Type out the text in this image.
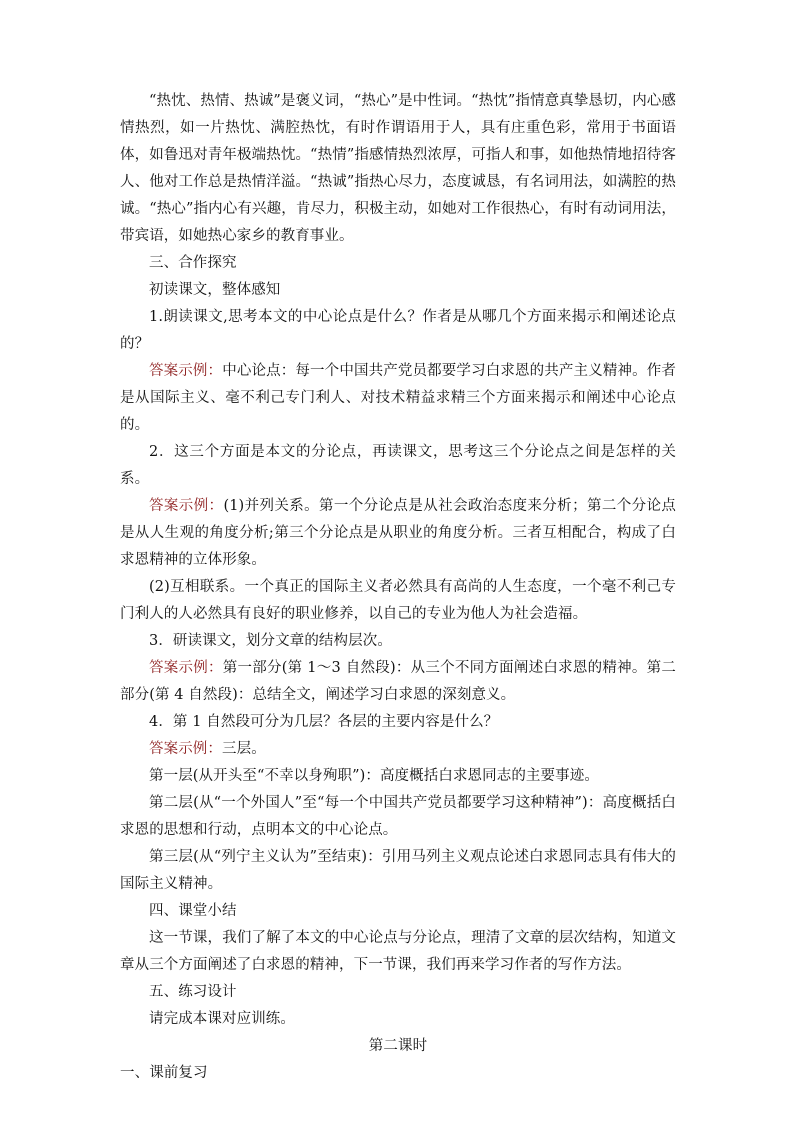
“热忱、热情、热诚”是褒义词，“热心”是中性词。“热忱”指情意真挚恳切，内心感情热烈，如一片热忱、满腔热忱，有时作谓语用于人，具有庄重色彩，常用于书面语体，如鲁迅对青年极端热忱。“热情”指感情热烈浓厚，可指人和事，如他热情地招待客人、他对工作总是热情洋溢。“热诚”指热心尽力，态度诚恳，有名词用法，如满腔的热诚。“热心”指内心有兴趣，肯尽力，积极主动，如她对工作很热心，有时有动词用法，带宾语，如她热心家乡的教育事业。

三、合作探究

初读课文，整体感知

1.朗读课文,思考本文的中心论点是什么？作者是从哪几个方面来揭示和阐述论点的？

答案示例：中心论点：每一个中国共产党员都要学习白求恩的共产主义精神。作者是从国际主义、毫不利己专门利人、对技术精益求精三个方面来揭示和阐述中心论点的。

2．这三个方面是本文的分论点，再读课文，思考这三个分论点之间是怎样的关系。

答案示例：(1)并列关系。第一个分论点是从社会政治态度来分析；第二个分论点是从人生观的角度分析;第三个分论点是从职业的角度分析。三者互相配合，构成了白求恩精神的立体形象。

(2)互相联系。一个真正的国际主义者必然具有高尚的人生态度，一个毫不利己专门利人的人必然具有良好的职业修养，以自己的专业为他人为社会造福。

3．研读课文，划分文章的结构层次。

答案示例：第一部分(第 1～3 自然段)：从三个不同方面阐述白求恩的精神。第二部分(第 4 自然段)：总结全文，阐述学习白求恩的深刻意义。

4．第 1 自然段可分为几层？各层的主要内容是什么？

答案示例：三层。

第一层(从开头至“不幸以身殉职”)：高度概括白求恩同志的主要事迹。

第二层(从“一个外国人”至“每一个中国共产党员都要学习这种精神”)：高度概括白求恩的思想和行动，点明本文的中心论点。

第三层(从“列宁主义认为”至结束)：引用马列主义观点论述白求恩同志具有伟大的国际主义精神。

四、课堂小结

这一节课，我们了解了本文的中心论点与分论点，理清了文章的层次结构，知道文章从三个方面阐述了白求恩的精神，下一节课，我们再来学习作者的写作方法。

五、练习设计

请完成本课对应训练。

第二课时

一、课前复习
